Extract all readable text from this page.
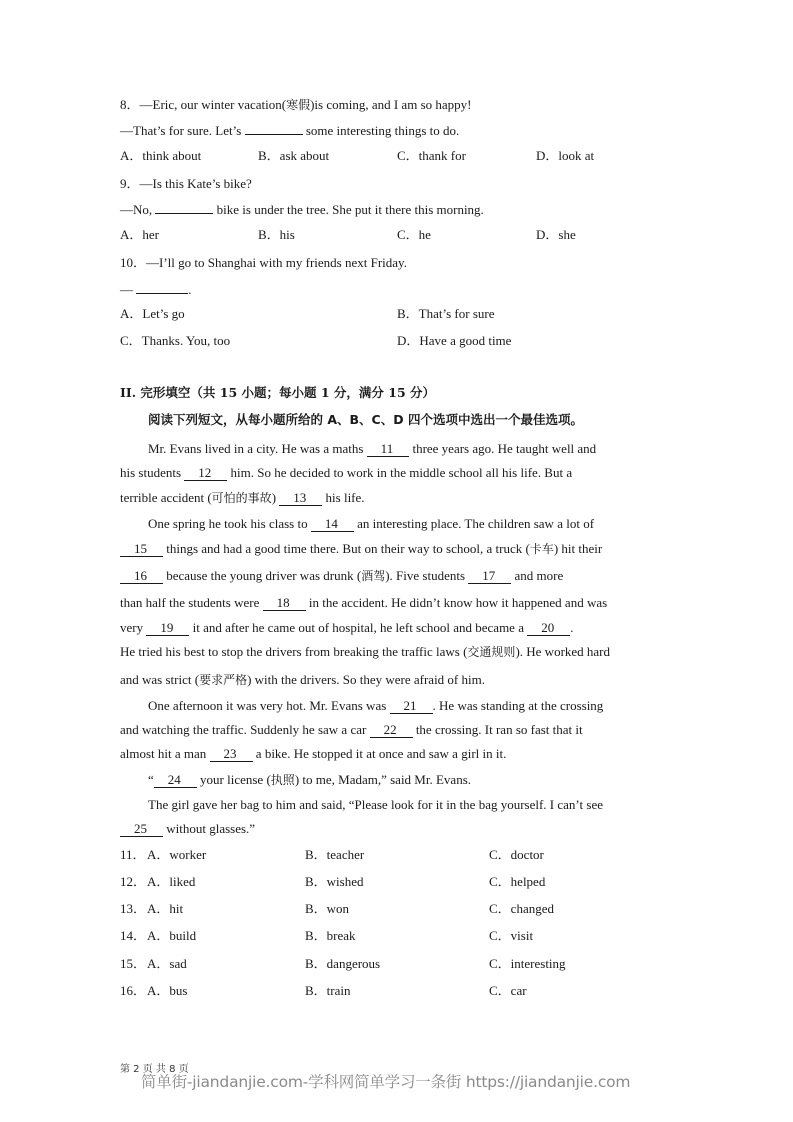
8．—Eric, our winter vacation(寒假)is coming, and I am so happy!
—That’s for sure. Let’s	some interesting things to do.
A．think about	B．ask about	C．thank for	D．look at
9．—Is this Kate’s bike?
—No,	bike is under the tree. She put it there this morning.
A．her	B．his	C．he	D．she
10．—I’ll go to Shanghai with my friends next Friday.
—	.
A．Let’s go	B．That’s for sure
C．Thanks. You, too	D．Have a good time
II. 完形填空（共 15 小题；每小题 1 分，满分 15 分）
阅读下列短文，从每小题所给的 A、B、C、D 四个选项中选出一个最佳选项。
Mr. Evans lived in a city. He was a maths 11 three years ago. He taught well and
his students 12 him. So he decided to work in the middle school all his life. But a
terrible accident (可怕的事故) 13 his life.
One spring he took his class to 14 an interesting place. The children saw a lot of
15 things and had a good time there. But on their way to school, a truck (卡车) hit their
16 because the young driver was drunk (酒驾). Five students 17 and more
than half the students were 18 in the accident. He didn’t know how it happened and was
very 19 it and after he came out of hospital, he left school and became a 20 .
He tried his best to stop the drivers from breaking the traffic laws (交通规则). He worked hard
and was strict (要求严格) with the drivers. So they were afraid of him.
One afternoon it was very hot. Mr. Evans was 21 . He was standing at the crossing
and watching the traffic. Suddenly he saw a car 22 the crossing. It ran so fast that it
almost hit a man 23 a bike. He stopped it at once and saw a girl in it.
“ 24 your license (执照) to me, Madam,” said Mr. Evans.
The girl gave her bag to him and said, “Please look for it in the bag yourself. I can’t see
25 without glasses.”
11． A．worker	B．teacher	C．doctor
12． A．liked	B．wished	C．helped
13． A．hit	B．won	C．changed
14． A．build	B．break	C．visit
15． A．sad	B．dangerous	C．interesting
16． A．bus	B．train	C．car
第 2 页 共 8 页
简单街-jiandanjie.com-学科网简单学习一条街 https://jiandanjie.com
